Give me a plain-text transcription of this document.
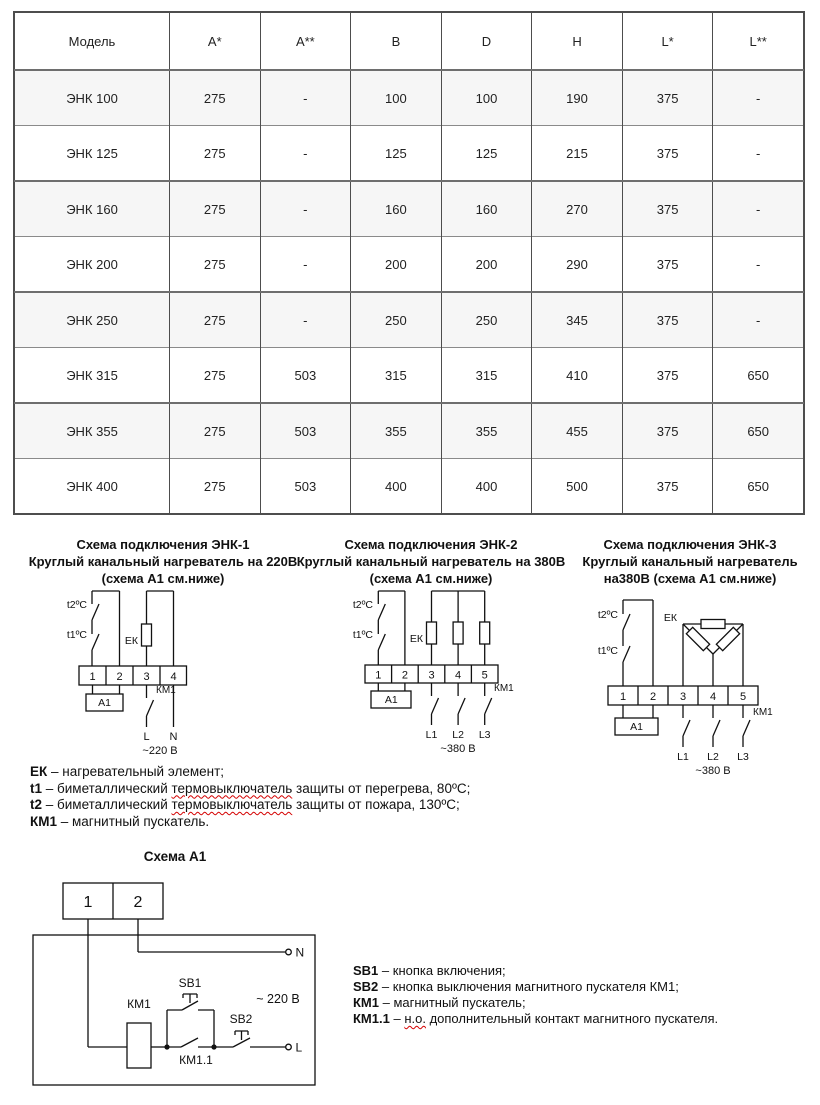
Модель	A*	A**	B	D	H	L*	L**
ЭНК 100	275	-	100	100	190	375	-
ЭНК 125	275	-	125	125	215	375	-
ЭНК 160	275	-	160	160	270	375	-
ЭНК 200	275	-	200	200	290	375	-
ЭНК 250	275	-	250	250	345	375	-
ЭНК 315	275	503	315	315	410	375	650
ЭНК 355	275	503	355	355	455	375	650
ЭНК 400	275	503	400	400	500	375	650
Схема подключения ЭНК-1
Круглый канальный нагреватель на 220В
(схема А1 см.ниже)
Схема подключения ЭНК-2
Круглый канальный нагреватель на 380В
(схема А1 см.ниже)
Схема подключения ЭНК-3
Круглый канальный нагреватель
на380В (схема А1 см.ниже)
t2ºС
t1ºС	ЕК
1 2 3 4
А1
КМ1
L N
~220 В
t2ºС
t1ºС	ЕК
1 2 3 4 5
А1
КМ1
L1 L2 L3
~380 В
t2ºС
t1ºС
ЕК
1 2 3 4 5
А1
КМ1
L1 L2 L3
~380 В
ЕК – нагревательный элемент;
t1 – биметаллический термовыключатель защиты от перегрева, 80ºС;
t2 – биметаллический термовыключатель защиты от пожара, 130ºС;
КМ1 – магнитный пускатель.
Схема А1
1	2
N
L
КМ1
SB1
SB2
КМ1.1
~ 220 В
SB1 – кнопка включения;
SB2 – кнопка выключения магнитного пускателя КМ1;
КМ1 – магнитный пускатель;
КМ1.1 – н.о. дополнительный контакт магнитного пускателя.
